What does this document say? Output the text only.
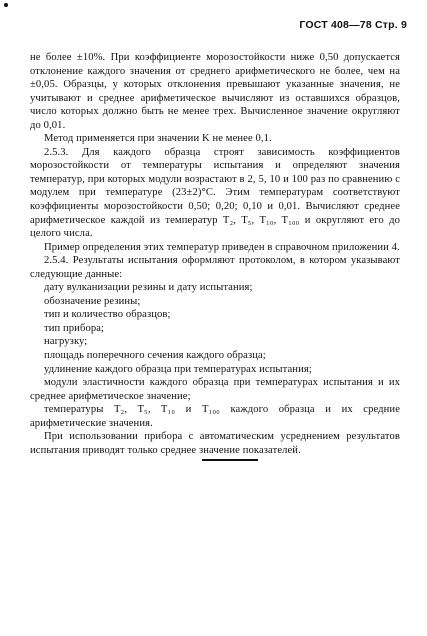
ГОСТ 408—78 Стр. 9

не более ±10%. При коэффициенте морозостойкости ниже 0,50 допускается отклонение каждого значения от среднего арифметического не более, чем на ±0,05. Образцы, у которых отклонения превышают указанные значения, не учитывают и среднее арифметическое вычисляют из оставшихся образцов, число которых должно быть не менее трех. Вычисленное значение округляют до 0,01.

Метод применяется при значении K не менее 0,1.

2.5.3. Для каждого образца строят зависимость коэффициентов морозостойкости от температуры испытания и определяют значения температур, при которых модули возрастают в 2, 5, 10 и 100 раз по сравнению с модулем при температуре (23±2)°C. Этим температурам соответствуют коэффициенты морозостойкости 0,50; 0,20; 0,10 и 0,01. Вычисляют среднее арифметическое каждой из температур T₂, T₅, T₁₀, T₁₀₀ и округляют его до целого числа.

Пример определения этих температур приведен в справочном приложении 4.

2.5.4. Результаты испытания оформляют протоколом, в котором указывают следующие данные:

дату вулканизации резины и дату испытания;

обозначение резины;

тип и количество образцов;

тип прибора;

нагрузку;

площадь поперечного сечения каждого образца;

удлинение каждого образца при температурах испытания;

модули эластичности каждого образца при температурах испытания и их среднее арифметическое значение;

температуры T₂, T₅, T₁₀ и T₁₀₀ каждого образца и их средние арифметические значения.

При использовании прибора с автоматическим усреднением результатов испытания приводят только среднее значение показателей.
